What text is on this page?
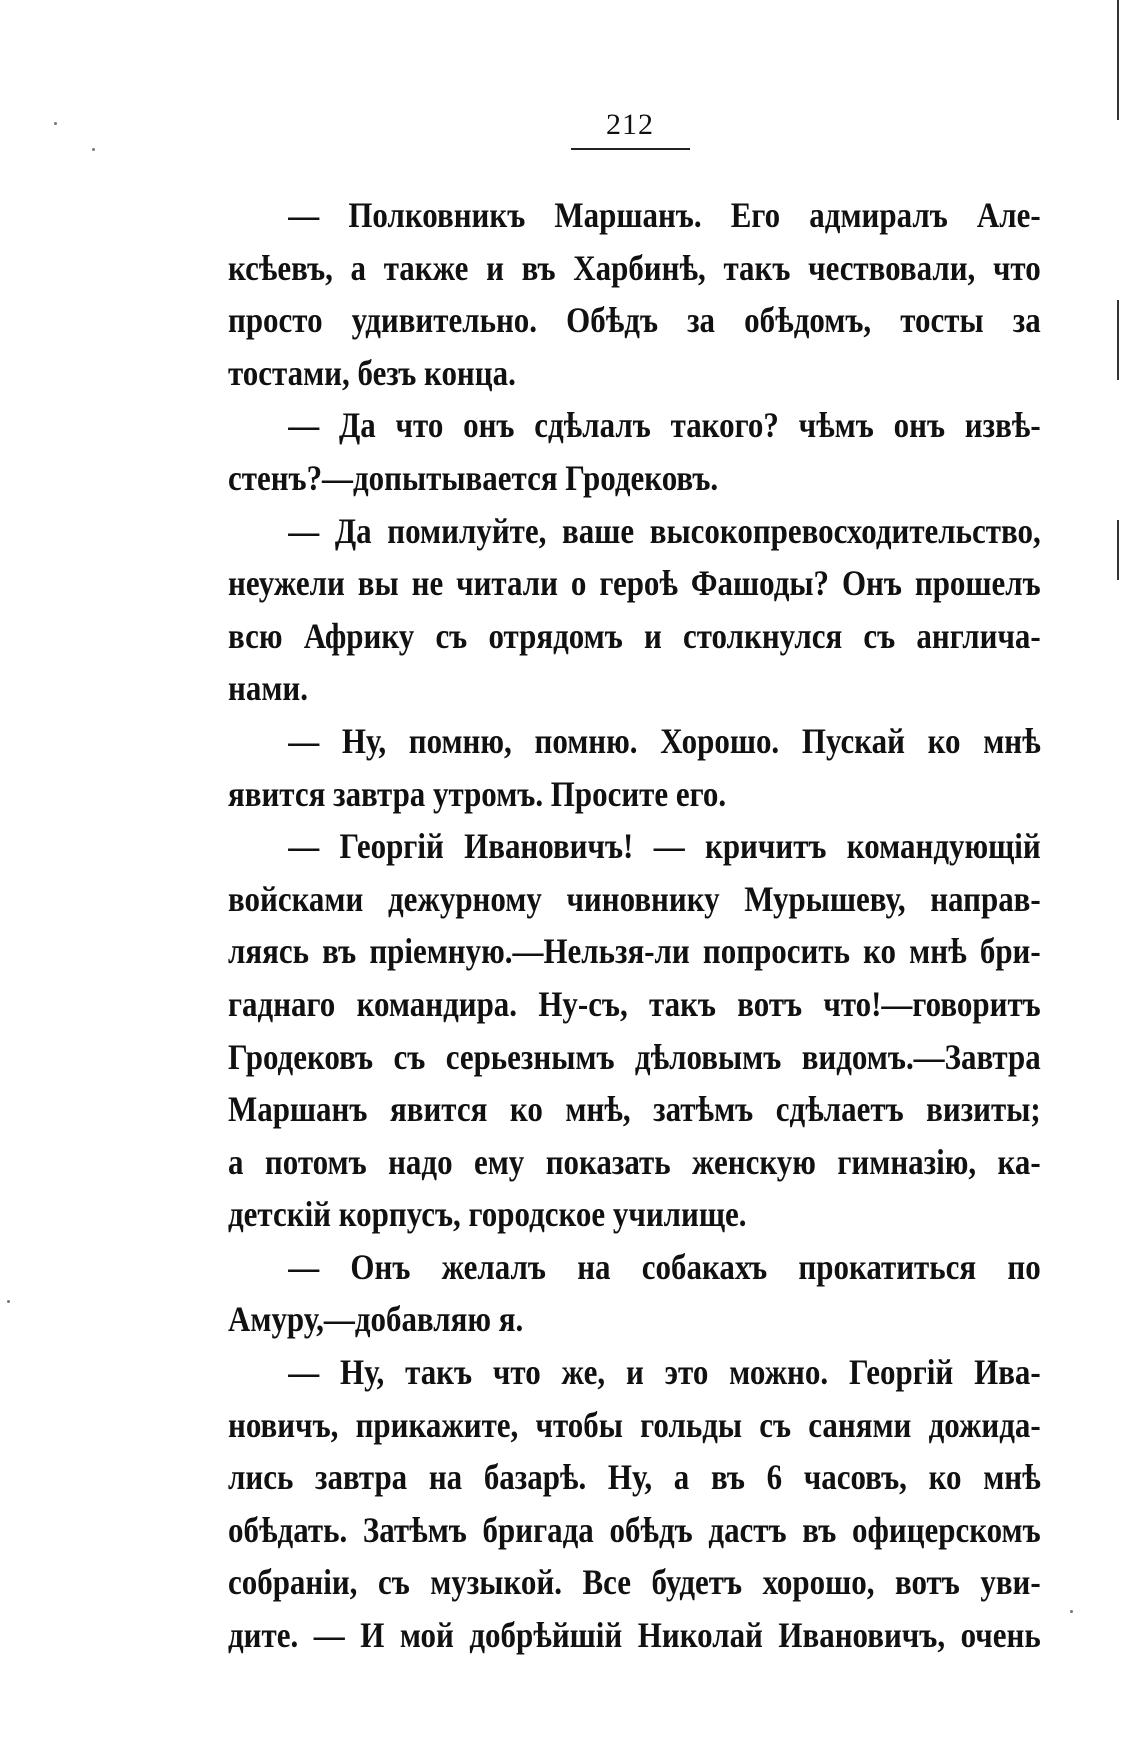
212
— Полковникъ Маршанъ. Его адмиралъ Але-
ксѣевъ, а также и въ Харбинѣ, такъ чествовали, что
просто удивительно. Обѣдъ за обѣдомъ, тосты за
тостами, безъ конца.
— Да что онъ сдѣлалъ такого? чѣмъ онъ извѣ-
стенъ?—допытывается Гродековъ.
— Да помилуйте, ваше высокопревосходительство,
неужели вы не читали о героѣ Фашоды? Онъ прошелъ
всю Африку съ отрядомъ и столкнулся съ англича-
нами.
— Ну, помню, помню. Хорошо. Пускай ко мнѣ
явится завтра утромъ. Просите его.
— Георгій Ивановичъ! — кричитъ командующій
войсками дежурному чиновнику Мурышеву, направ-
ляясь въ пріемную.—Нельзя-ли попросить ко мнѣ бри-
гаднаго командира. Ну-съ, такъ вотъ что!—говоритъ
Гродековъ съ серьезнымъ дѣловымъ видомъ.—Завтра
Маршанъ явится ко мнѣ, затѣмъ сдѣлаетъ визиты;
а потомъ надо ему показать женскую гимназію, ка-
детскій корпусъ, городское училище.
— Онъ желалъ на собакахъ прокатиться по
Амуру,—добавляю я.
— Ну, такъ что же, и это можно. Георгій Ива-
новичъ, прикажите, чтобы гольды съ санями дожида-
лись завтра на базарѣ. Ну, а въ 6 часовъ, ко мнѣ
обѣдать. Затѣмъ бригада обѣдъ дастъ въ офицерскомъ
собраніи, съ музыкой. Все будетъ хорошо, вотъ уви-
дите. — И мой добрѣйшій Николай Ивановичъ, очень
